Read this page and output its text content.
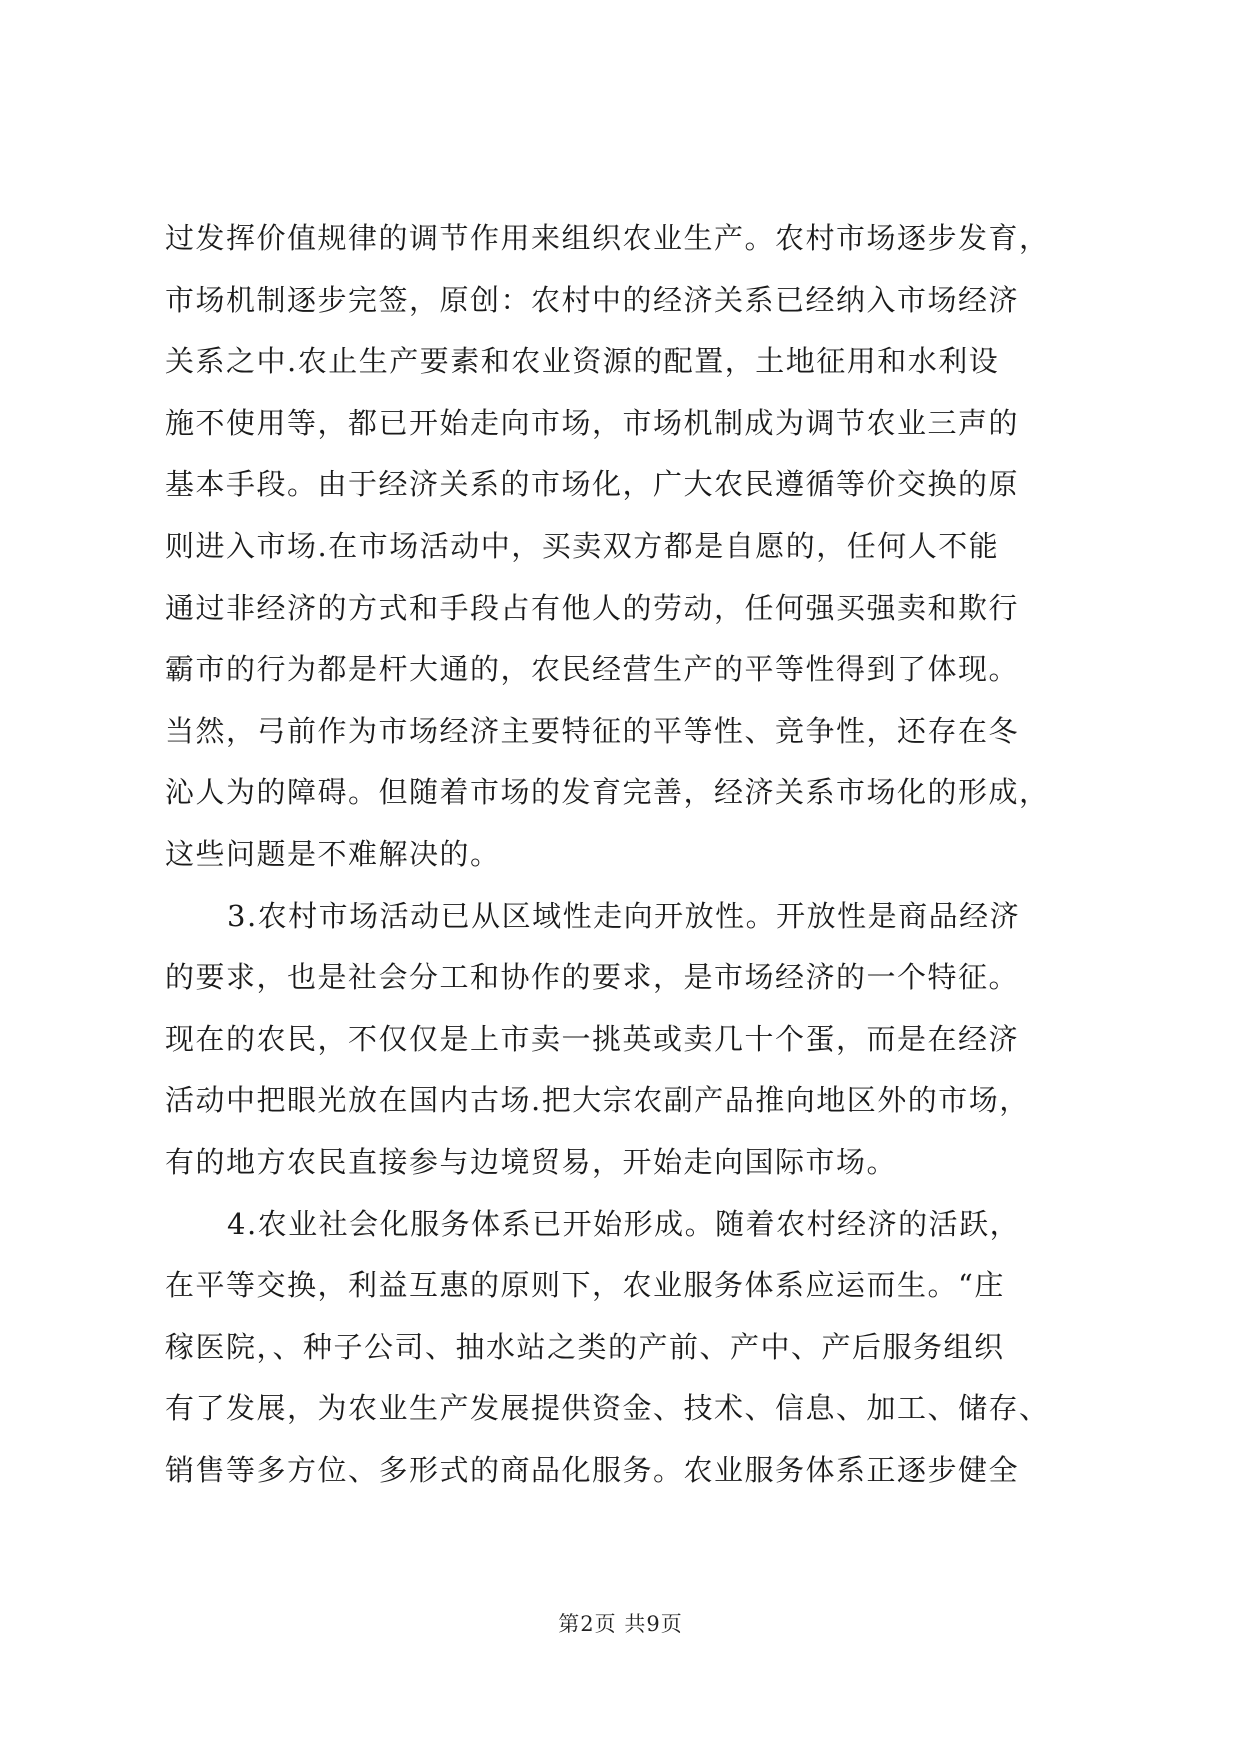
过发挥价值规律的调节作用来组织农业生产。农村市场逐步发育，
市场机制逐步完签，原创：农村中的经济关系已经纳入市场经济
关系之中.农止生产要素和农业资源的配置，土地征用和水利设
施不使用等，都已开始走向市场，市场机制成为调节农业三声的
基本手段。由于经济关系的市场化，广大农民遵循等价交换的原
则进入市场.在市场活动中，买卖双方都是自愿的，任何人不能
通过非经济的方式和手段占有他人的劳动，任何强买强卖和欺行
霸市的行为都是杆大通的，农民经营生产的平等性得到了体现。
当然，弓前作为市场经济主要特征的平等性、竞争性，还存在冬
沁人为的障碍。但随着市场的发育完善，经济关系市场化的形成，
这些问题是不难解决的。
3.农村市场活动已从区域性走向开放性。开放性是商品经济
的要求，也是社会分工和协作的要求，是市场经济的一个特征。
现在的农民，不仅仅是上市卖一挑英或卖几十个蛋，而是在经济
活动中把眼光放在国内古场.把大宗农副产品推向地区外的市场，
有的地方农民直接参与边境贸易，开始走向国际市场。
4.农业社会化服务体系已开始形成。随着农村经济的活跃，
在平等交换，利益互惠的原则下，农业服务体系应运而生。“庄
稼医院，、种子公司、抽水站之类的产前、产中、产后服务组织
有了发展，为农业生产发展提供资金、技术、信息、加工、储存、
销售等多方位、多形式的商品化服务。农业服务体系正逐步健全
第2页 共9页
